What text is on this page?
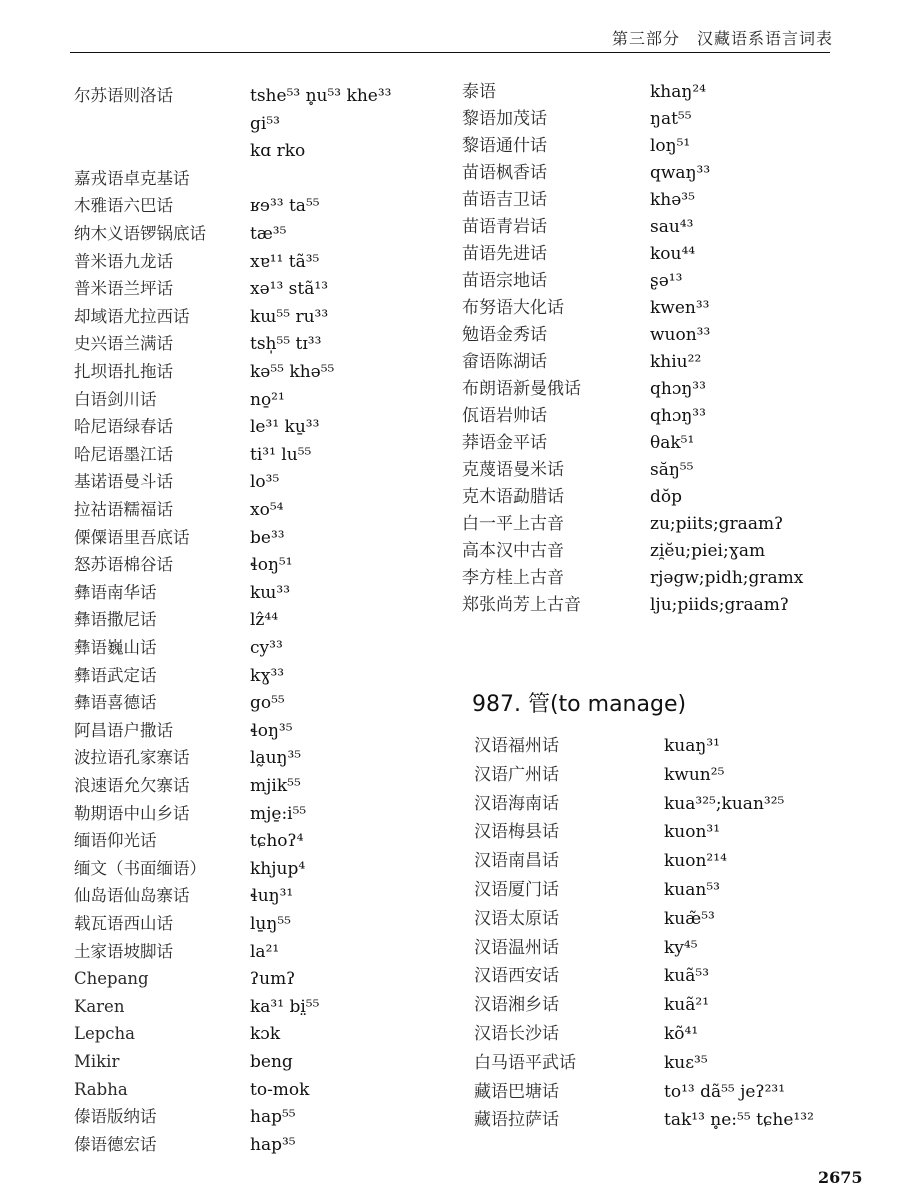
第三部分　汉藏语系语言词表
尔苏语则洛话	tshe⁵³ n̥u⁵³ khe³³
gi⁵³
kɑ rko
嘉戎语卓克基话
木雅语六巴话	ʁɘ³³ ta⁵⁵
纳木义语锣锅底话	tæ³⁵
普米语九龙话	xɐ¹¹ tã³⁵
普米语兰坪话	xə¹³ stã¹³
却域语尤拉西话	kɯ⁵⁵ ru³³
史兴语兰满话	tsh̩⁵⁵ tɪ³³
扎坝语扎拖话	kə⁵⁵ khə⁵⁵
白语剑川话	no̱²¹
哈尼语绿春话	le³¹ ku̱³³
哈尼语墨江话	ti³¹ lu⁵⁵
基诺语曼斗话	lo³⁵
拉祜语糯福话	xo⁵⁴
傈僳语里吾底话	be³³
怒苏语棉谷话	ɬoŋ⁵¹
彝语南华话	kɯ³³
彝语撒尼话	lẑ⁴⁴
彝语巍山话	cy³³
彝语武定话	kɣ³³
彝语喜德话	go⁵⁵
阿昌语户撒话	ɬoŋ³⁵
波拉语孔家寨话	la̰uŋ³⁵
浪速语允欠寨话	mjik⁵⁵
勒期语中山乡话	mje̱:i⁵⁵
缅语仰光话	tɕhoʔ⁴
缅文（书面缅语）	khjup⁴
仙岛语仙岛寨话	ɬuŋ³¹
载瓦语西山话	lu̱ŋ⁵⁵
土家语坡脚话	la²¹
Chepang	ʔumʔ
Karen	ka³¹ bi̤⁵⁵
Lepcha	kɔk
Mikir	beng
Rabha	to-mok
傣语版纳话	hap⁵⁵
傣语德宏话	hap³⁵
泰语	khaŋ²⁴
黎语加茂话	ŋat⁵⁵
黎语通什话	loŋ⁵¹
苗语枫香话	qwaŋ³³
苗语吉卫话	khə³⁵
苗语青岩话	sau⁴³
苗语先进话	kou⁴⁴
苗语宗地话	ʂə¹³
布努语大化话	kwen³³
勉语金秀话	wuon³³
畲语陈湖话	khiu²²
布朗语新曼俄话	qhɔŋ³³
佤语岩帅话	qhɔŋ³³
莽语金平话	θak⁵¹
克蔑语曼米话	săŋ⁵⁵
克木语勐腊话	dŏp
白一平上古音	zu;piits;graamʔ
高本汉中古音	zi̯ĕu;piei;ɣam
李方桂上古音	rjəgw;pidh;gramx
郑张尚芳上古音	lju;piids;graamʔ
987. 管(to manage)
汉语福州话	kuaŋ³¹
汉语广州话	kwun²⁵
汉语海南话	kua³²⁵;kuan³²⁵
汉语梅县话	kuon³¹
汉语南昌话	kuon²¹⁴
汉语厦门话	kuan⁵³
汉语太原话	kuæ̃⁵³
汉语温州话	ky⁴⁵
汉语西安话	kuã⁵³
汉语湘乡话	kuã²¹
汉语长沙话	kõ⁴¹
白马语平武话	kuɛ³⁵
藏语巴塘话	to¹³ dã⁵⁵ jeʔ²³¹
藏语拉萨话	tak¹³ n̥e:⁵⁵ tɕhe¹³²
2675
